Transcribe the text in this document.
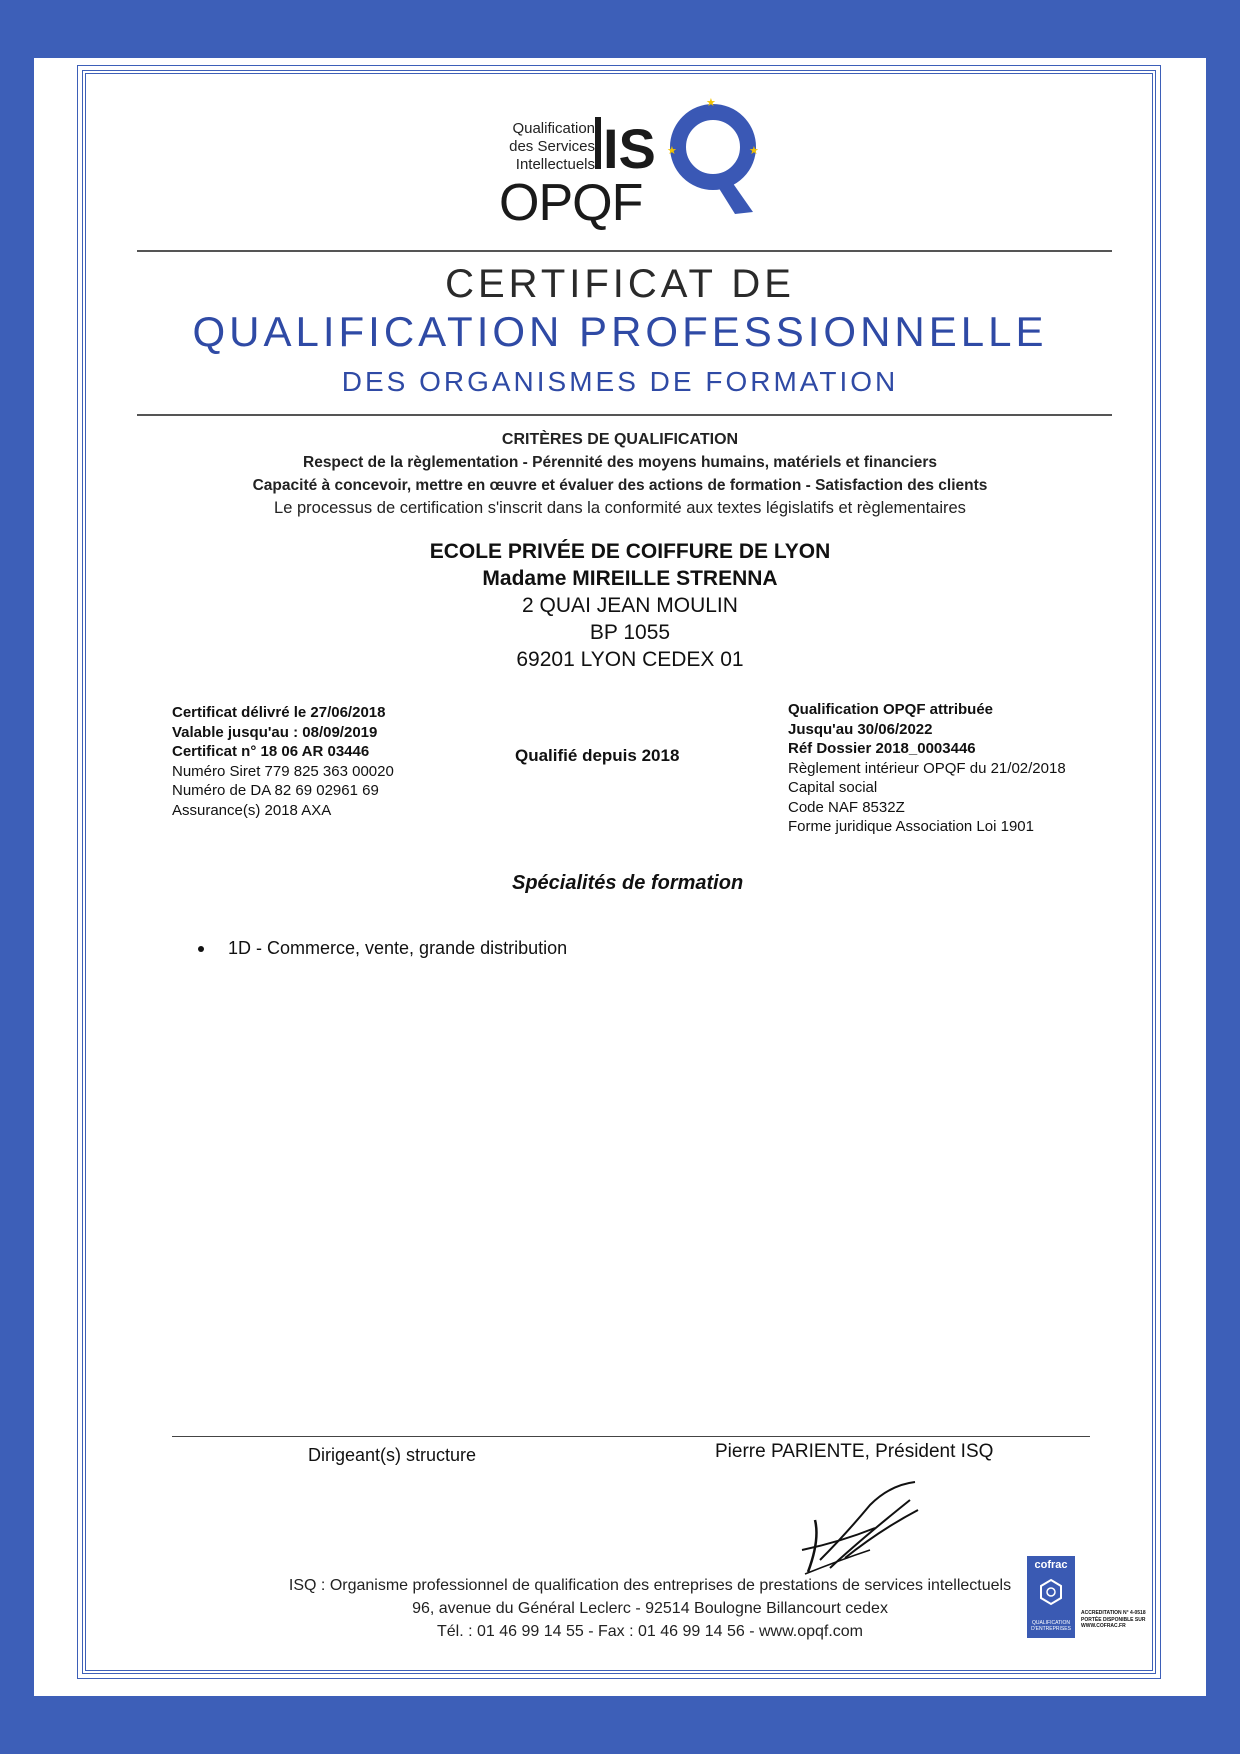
Qualification
des Services
Intellectuels IS
★
★	★
OPQF
CERTIFICAT DE
QUALIFICATION PROFESSIONNELLE
DES ORGANISMES DE FORMATION
CRITÈRES DE QUALIFICATION
Respect de la règlementation - Pérennité des moyens humains, matériels et financiers
Capacité à concevoir, mettre en œuvre et évaluer des actions de formation - Satisfaction des clients
Le processus de certification s'inscrit dans la conformité aux textes législatifs et règlementaires
ECOLE PRIVÉE DE COIFFURE DE LYON
Madame MIREILLE STRENNA
2 QUAI JEAN MOULIN
BP 1055
69201 LYON CEDEX 01
Certificat délivré le 27/06/2018
Valable jusqu'au : 08/09/2019
Certificat n° 18 06 AR 03446
Numéro Siret 779 825 363 00020
Numéro de DA 82 69 02961 69
Assurance(s) 2018 AXA
Qualifié depuis 2018
Qualification OPQF attribuée
Jusqu'au 30/06/2022
Réf Dossier 2018_0003446
Règlement intérieur OPQF du 21/02/2018
Capital social
Code NAF 8532Z
Forme juridique Association Loi 1901
Spécialités de formation
1D - Commerce, vente, grande distribution
Dirigeant(s) structure	Pierre PARIENTE, Président ISQ
ISQ : Organisme professionnel de qualification des entreprises de prestations de services intellectuels
96, avenue du Général Leclerc - 92514 Boulogne Billancourt cedex
Tél. : 01 46 99 14 55 - Fax : 01 46 99 14 56 - www.opqf.com
cofrac
QUALIFICATION D'ENTREPRISES
ACCREDITATION N° 4-0518 PORTÉE DISPONIBLE SUR WWW.COFRAC.FR
